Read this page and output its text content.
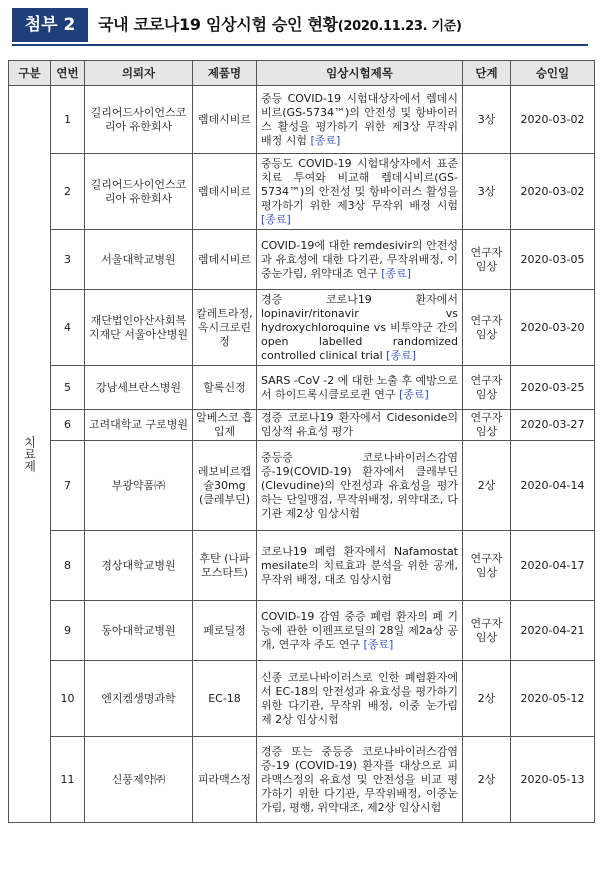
첨부 2	국내 코로나19 임상시험 승인 현황(2020.11.23. 기준)
구분	연번	의뢰자	제품명	임상시험제목	단계	승인일
치료제	1	길리어드사이언스코리아 유한회사	렘데시비르	중등 COVID-19 시험대상자에서 렘데시비르(GS-5734™)의 안전성 및 항바이러스 활성을 평가하기 위한 제3상 무작위 배정 시험 [종료]	3상	2020-03-02
	2	길리어드사이언스코리아 유한회사	렘데시비르	중등도 COVID-19 시험대상자에서 표준 치료 투여와 비교해 렘데시비르(GS-5734™)의 안전성 및 항바이러스 활성을 평가하기 위한 제3상 무작위 배정 시험 [종료]	3상	2020-03-02
	3	서울대학교병원	렘데시비르	COVID-19에 대한 remdesivir의 안전성과 유효성에 대한 다기관, 무작위배정, 이중눈가림, 위약대조 연구 [종료]	연구자 임상	2020-03-05
	4	재단법인아산사회복지재단 서울아산병원	칼레트라정, 옥시크로린정	경증 코로나19 환자에서 lopinavir/ritonavir vs hydroxychloroquine vs 비투약군 간의 open labelled randomized controlled clinical trial [종료]	연구자 임상	2020-03-20
	5	강남세브란스병원	할록신정	SARS -CoV -2 에 대한 노출 후 예방으로서 하이드록시클로로퀸 연구 [종료]	연구자 임상	2020-03-25
	6	고려대학교 구로병원	알베스코 흡입제	경증 코로나19 환자에서 Cidesonide의 임상적 유효성 평가	연구자 임상	2020-03-27
	7	부광약품㈜	레보비르캡슐30mg (클레부딘)	중등증 코로나바이러스감염증-19(COVID-19) 환자에서 클레부딘(Clevudine)의 안전성과 유효성을 평가하는 단일맹검, 무작위배정, 위약대조, 다기관 제2상 임상시험	2상	2020-04-14
	8	경상대학교병원	후탄 (나파모스타트)	코로나19 폐렴 환자에서 Nafamostat mesilate의 치료효과 분석을 위한 공개, 무작위 배정, 대조 임상시험	연구자 임상	2020-04-17
	9	동아대학교병원	페로딜정	COVID-19 감염 중증 폐렴 환자의 폐 기능에 관한 이펜프로딜의 28일 제2a상 공개, 연구자 주도 연구 [종료]	연구자 임상	2020-04-21
	10	엔지켐생명과학	EC-18	신종 코로나바이러스로 인한 폐렴환자에서 EC-18의 안전성과 유효성을 평가하기 위한 다기관, 무작위 배정, 이중 눈가림 제 2상 임상시험	2상	2020-05-12
	11	신풍제약㈜	피라맥스정	경증 또는 중등증 코로나바이러스감염증-19 (COVID-19) 환자를 대상으로 피라맥스정의 유효성 및 안전성을 비교 평가하기 위한 다기관, 무작위배정, 이중눈가림, 평행, 위약대조, 제2상 임상시험	2상	2020-05-13
